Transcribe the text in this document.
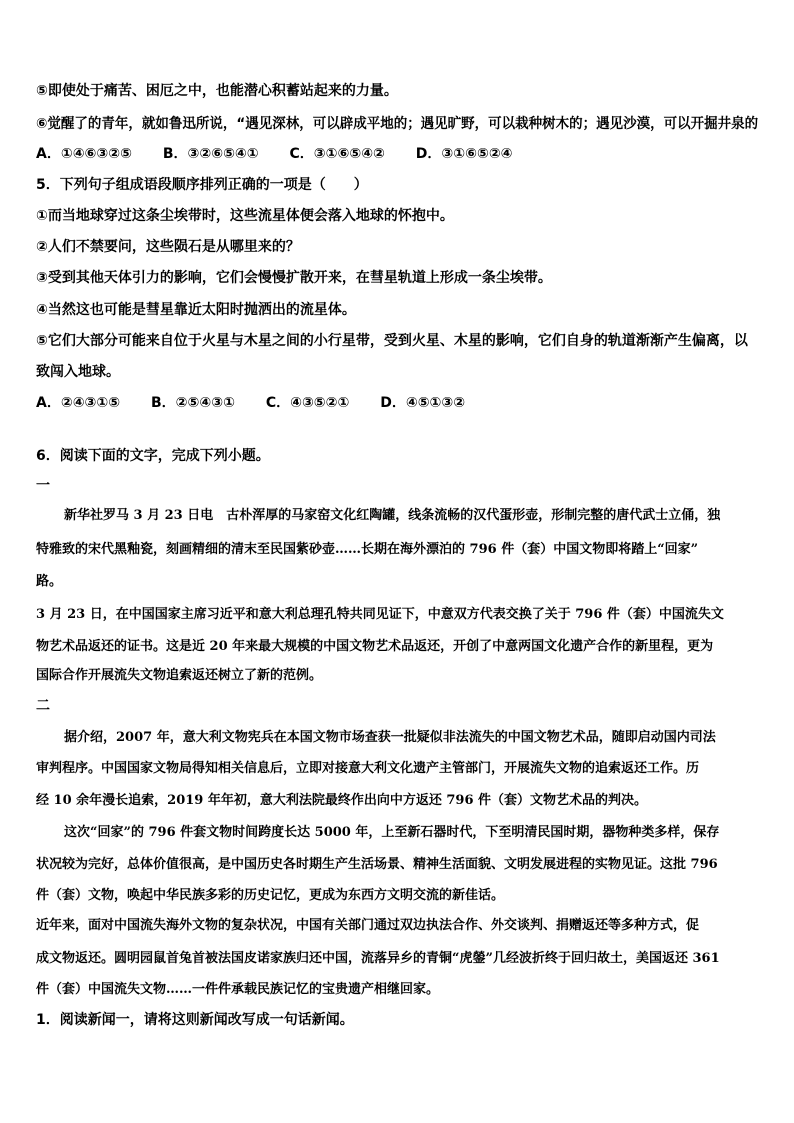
⑤即使处于痛苦、困厄之中，也能潜心积蓄站起来的力量。
⑥觉醒了的青年，就如鲁迅所说，“遇见深林，可以辟成平地的；遇见旷野，可以栽种树木的；遇见沙漠，可以开掘井泉的
A．①④⑥③②⑤ B．③②⑥⑤④① C．③①⑥⑤④② D．③①⑥⑤②④
5．下列句子组成语段顺序排列正确的一项是（　　）
①而当地球穿过这条尘埃带时，这些流星体便会落入地球的怀抱中。
②人们不禁要问，这些陨石是从哪里来的？
③受到其他天体引力的影响，它们会慢慢扩散开来，在彗星轨道上形成一条尘埃带。
④当然这也可能是彗星靠近太阳时抛洒出的流星体。
⑤它们大部分可能来自位于火星与木星之间的小行星带，受到火星、木星的影响，它们自身的轨道渐渐产生偏离，以
致闯入地球。
A．②④③①⑤ B．②⑤④③① C．④③⑤②① D．④⑤①③②
6．阅读下面的文字，完成下列小题。
一
新华社罗马 3 月 23 日电　古朴浑厚的马家窑文化红陶罐，线条流畅的汉代蛋形壶，形制完整的唐代武士立俑，独
特雅致的宋代黑釉瓷，刻画精细的清末至民国紫砂壶……长期在海外漂泊的 796 件（套）中国文物即将踏上“回家”
路。
3 月 23 日，在中国国家主席习近平和意大利总理孔特共同见证下，中意双方代表交换了关于 796 件（套）中国流失文
物艺术品返还的证书。这是近 20 年来最大规模的中国文物艺术品返还，开创了中意两国文化遗产合作的新里程，更为
国际合作开展流失文物追索返还树立了新的范例。
二
据介绍，2007 年，意大利文物宪兵在本国文物市场查获一批疑似非法流失的中国文物艺术品，随即启动国内司法
审判程序。中国国家文物局得知相关信息后，立即对接意大利文化遗产主管部门，开展流失文物的追索返还工作。历
经 10 余年漫长追索，2019 年年初，意大利法院最终作出向中方返还 796 件（套）文物艺术品的判决。
这次“回家”的 796 件套文物时间跨度长达 5000 年，上至新石器时代，下至明清民国时期，器物种类多样，保存
状况较为完好，总体价值很高，是中国历史各时期生产生活场景、精神生活面貌、文明发展进程的实物见证。这批 796
件（套）文物，唤起中华民族多彩的历史记忆，更成为东西方文明交流的新佳话。
近年来，面对中国流失海外文物的复杂状况，中国有关部门通过双边执法合作、外交谈判、捐赠返还等多种方式，促
成文物返还。圆明园鼠首兔首被法国皮诺家族归还中国，流落异乡的青铜“虎鎣”几经波折终于回归故土，美国返还 361
件（套）中国流失文物……一件件承载民族记忆的宝贵遗产相继回家。
1．阅读新闻一，请将这则新闻改写成一句话新闻。
